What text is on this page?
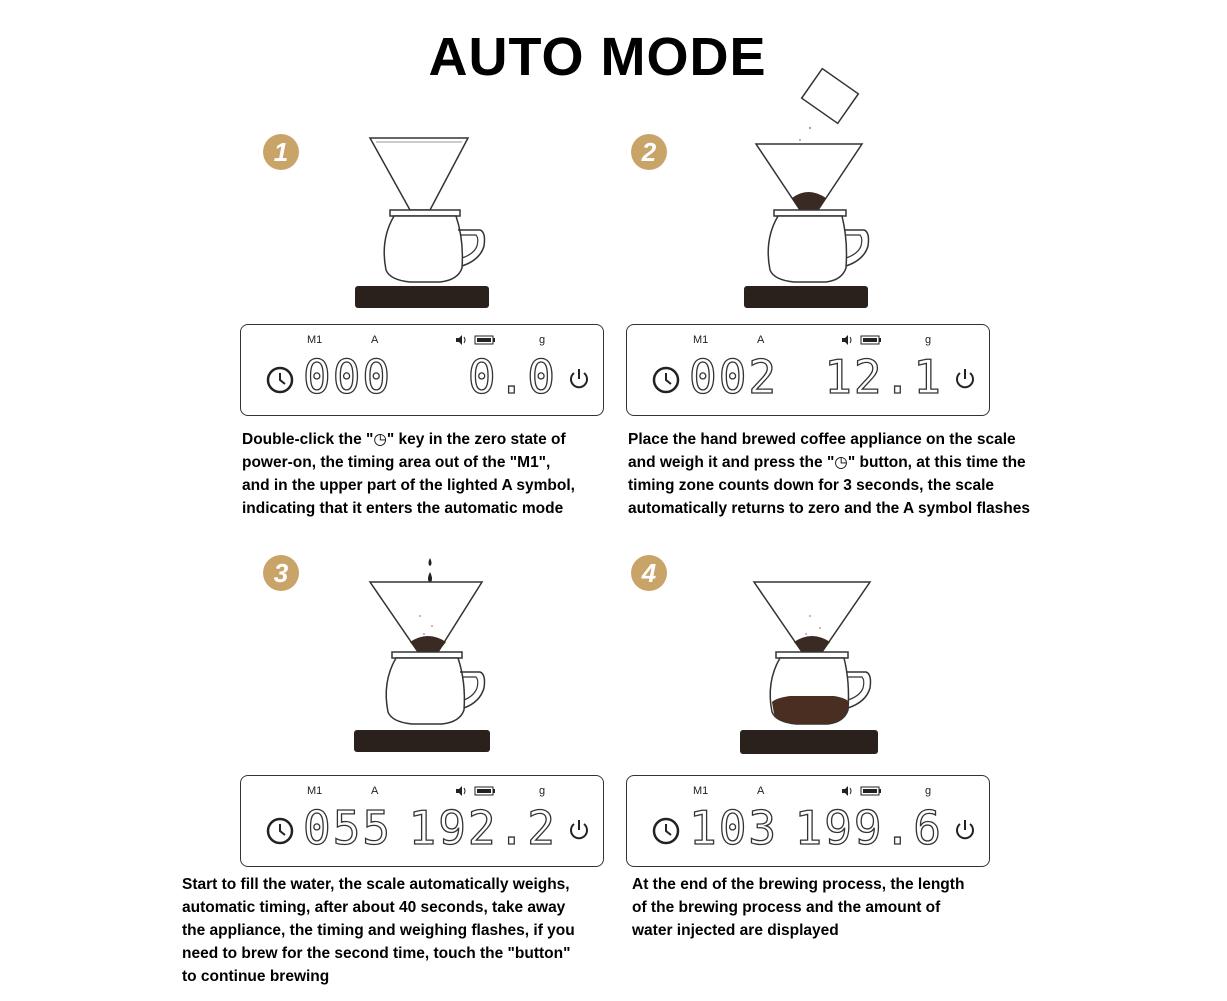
AUTO MODE
1
M1	A	g
000 0.0

Double-click the "◷" key in the zero state of

power-on, the timing area out of the "M1",

and in the upper part of the lighted A symbol,

indicating that it enters the automatic mode

2
M1	A	g
002 12.1

Place the hand brewed coffee appliance on the scale

and weigh it and press the "◷" button, at this time the

timing zone counts down for 3 seconds, the scale

automatically returns to zero and the A symbol flashes

3
M1	A	g
055 192.2

Start to fill the water, the scale automatically weighs,

automatic timing, after about 40 seconds, take away

the appliance, the timing and weighing flashes, if you

need to brew for the second time, touch the "button"

to continue brewing

4
M1	A	g
103 199.6

At the end of the brewing process, the length

of the brewing process and the amount of

water injected are displayed
